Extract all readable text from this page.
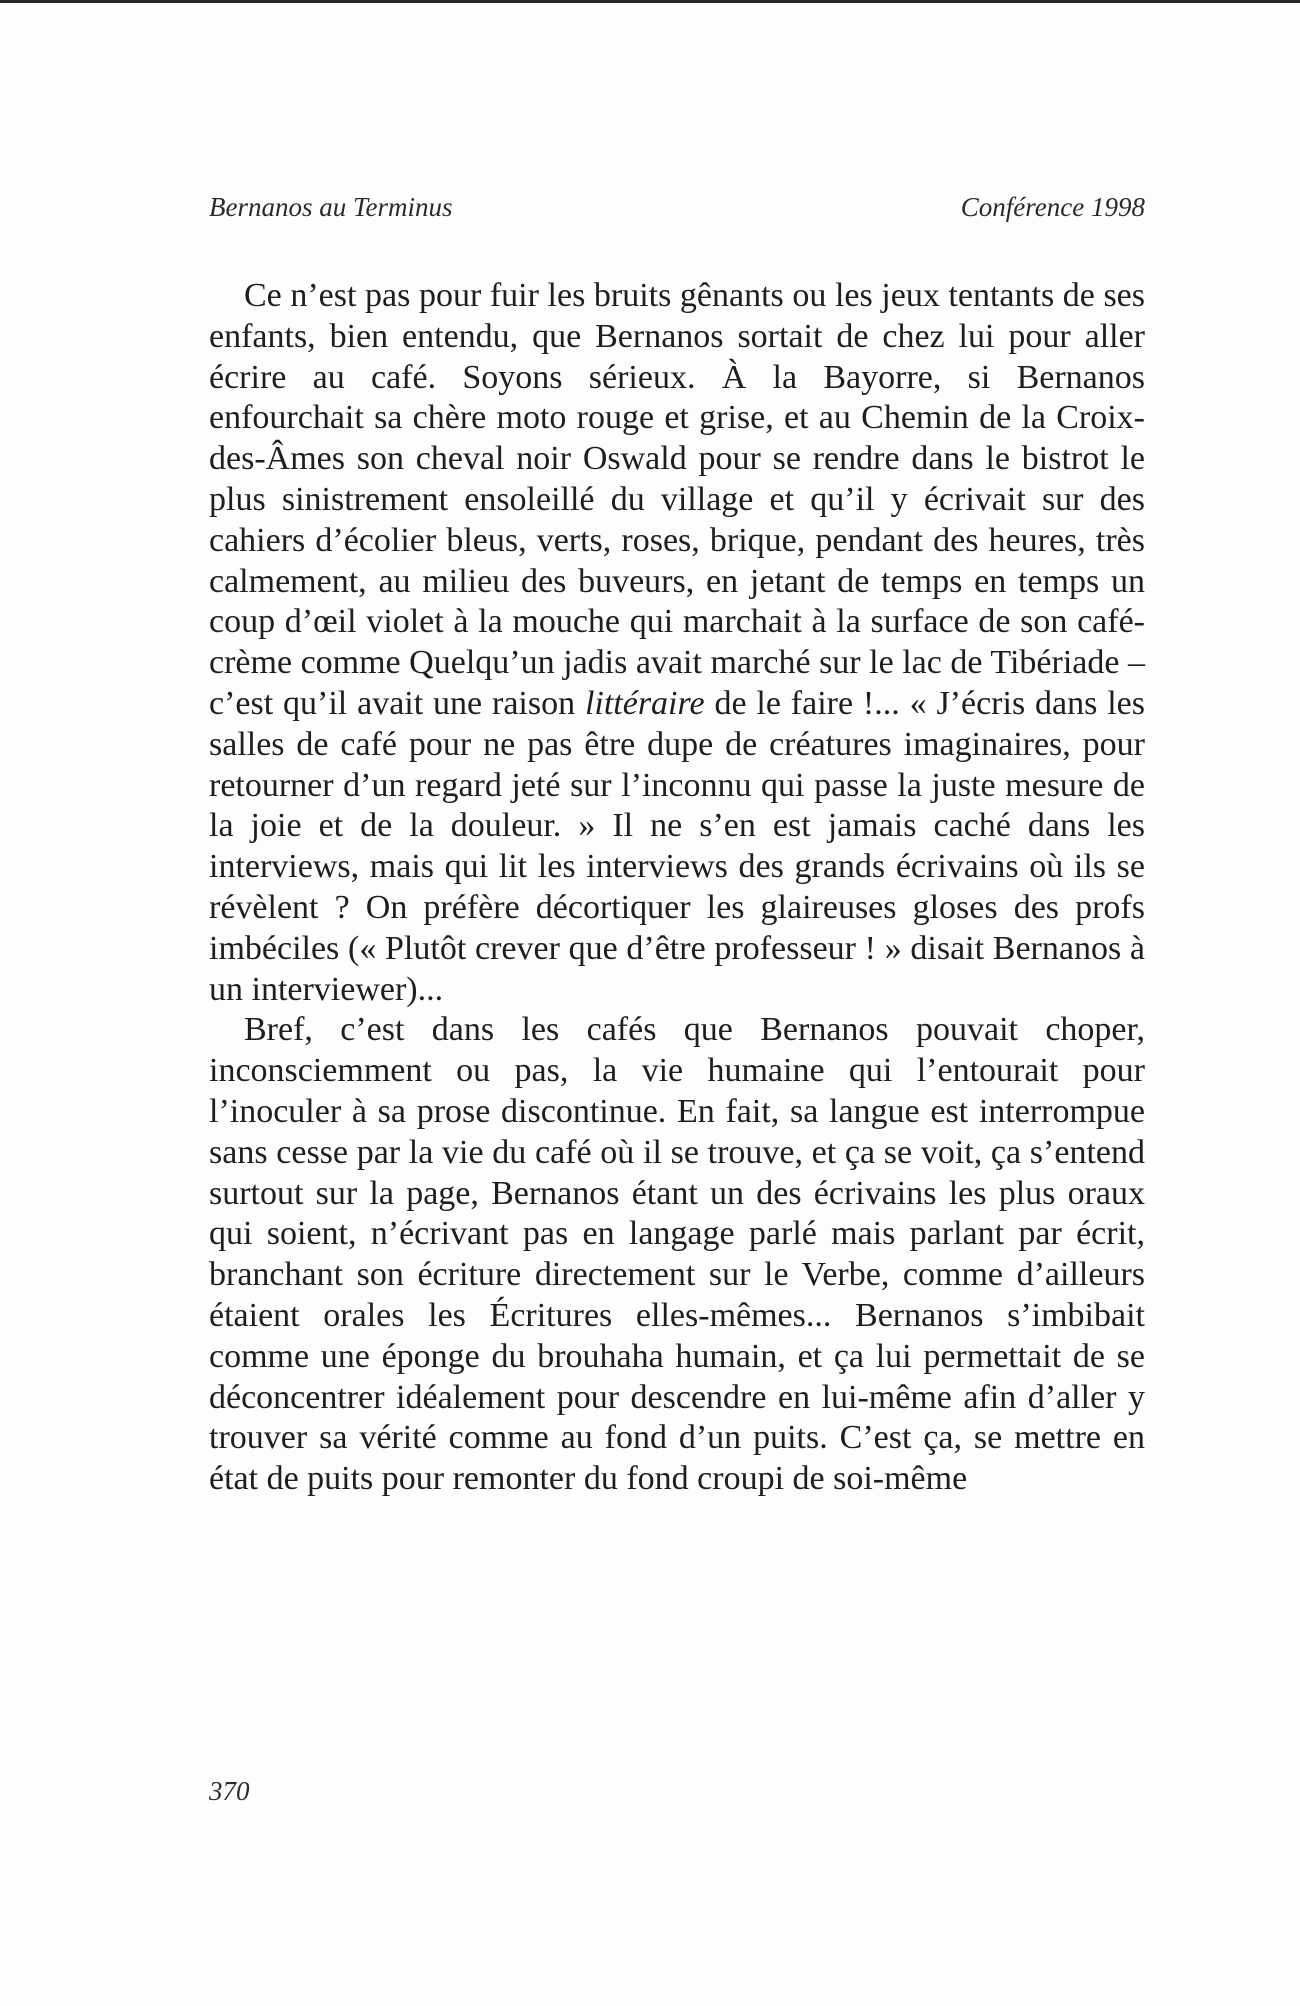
Bernanos au Terminus	Conférence 1998

Ce n’est pas pour fuir les bruits gênants ou les jeux tentants de ses enfants, bien entendu, que Bernanos sortait de chez lui pour aller écrire au café. Soyons sérieux. À la Bayorre, si Bernanos enfourchait sa chère moto rouge et grise, et au Chemin de la Croix-des-Âmes son cheval noir Oswald pour se rendre dans le bistrot le plus sinistrement ensoleillé du village et qu’il y écrivait sur des cahiers d’écolier bleus, verts, roses, brique, pendant des heures, très calmement, au milieu des buveurs, en jetant de temps en temps un coup d’œil violet à la mouche qui marchait à la surface de son café-crème comme Quelqu’un jadis avait marché sur le lac de Tibériade – c’est qu’il avait une raison littéraire de le faire !... « J’écris dans les salles de café pour ne pas être dupe de créatures imaginaires, pour retourner d’un regard jeté sur l’inconnu qui passe la juste mesure de la joie et de la douleur. » Il ne s’en est jamais caché dans les interviews, mais qui lit les interviews des grands écrivains où ils se révèlent ? On préfère décortiquer les glaireuses gloses des profs imbéciles (« Plutôt crever que d’être professeur ! » disait Bernanos à un interviewer)...

Bref, c’est dans les cafés que Bernanos pouvait choper, inconsciemment ou pas, la vie humaine qui l’entourait pour l’inoculer à sa prose discontinue. En fait, sa langue est interrompue sans cesse par la vie du café où il se trouve, et ça se voit, ça s’entend surtout sur la page, Bernanos étant un des écrivains les plus oraux qui soient, n’écrivant pas en langage parlé mais parlant par écrit, branchant son écriture directement sur le Verbe, comme d’ailleurs étaient orales les Écritures elles-mêmes... Bernanos s’imbibait comme une éponge du brouhaha humain, et ça lui permettait de se déconcentrer idéalement pour descendre en lui-même afin d’aller y trouver sa vérité comme au fond d’un puits. C’est ça, se mettre en état de puits pour remonter du fond croupi de soi-même

370
